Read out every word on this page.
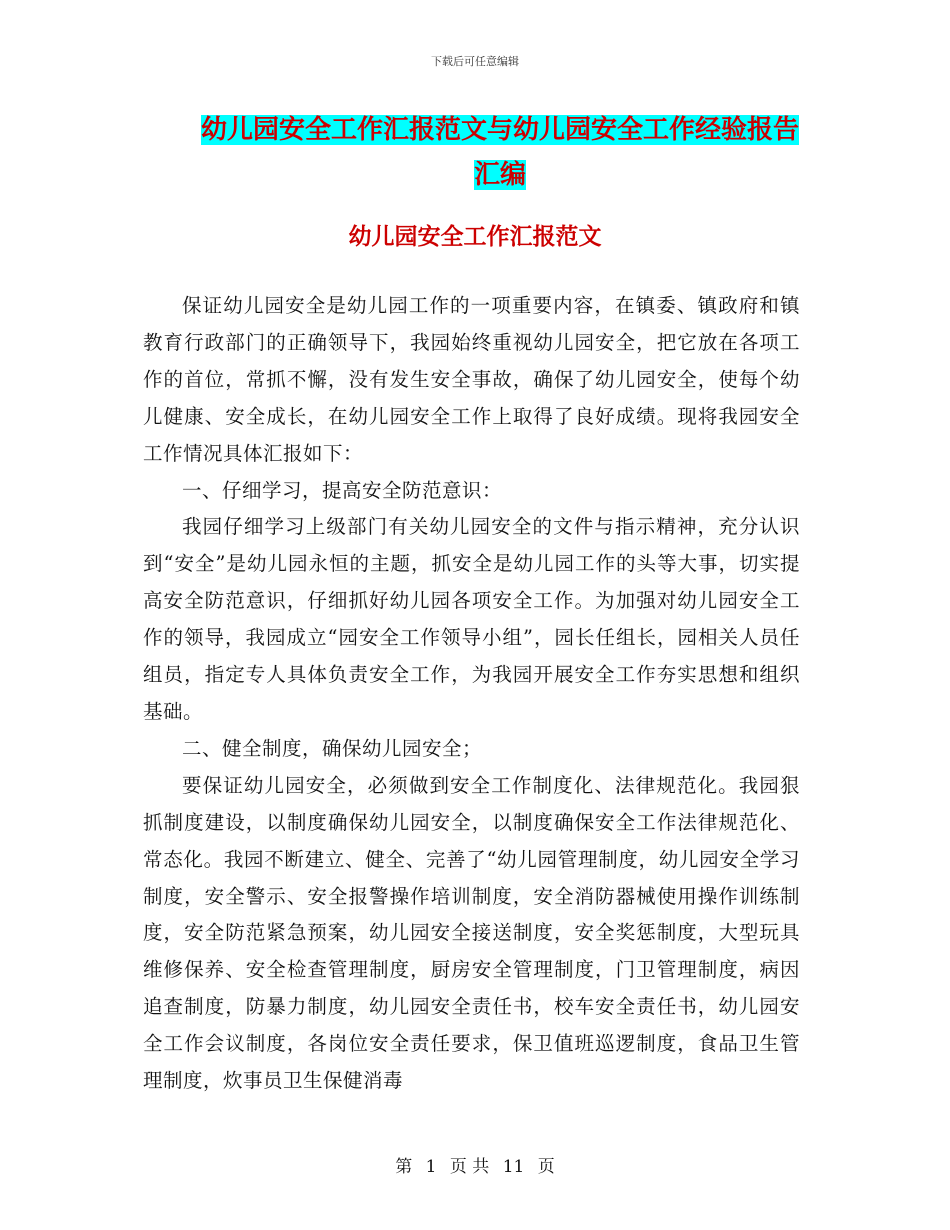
下载后可任意编辑
幼儿园安全工作汇报范文与幼儿园安全工作经验报告
汇编
幼儿园安全工作汇报范文

保证幼儿园安全是幼儿园工作的一项重要内容，在镇委、镇政府和镇教育行政部门的正确领导下，我园始终重视幼儿园安全，把它放在各项工作的首位，常抓不懈，没有发生安全事故，确保了幼儿园安全，使每个幼儿健康、安全成长，在幼儿园安全工作上取得了良好成绩。现将我园安全工作情况具体汇报如下：

一、仔细学习，提高安全防范意识：

我园仔细学习上级部门有关幼儿园安全的文件与指示精神，充分认识到“安全”是幼儿园永恒的主题，抓安全是幼儿园工作的头等大事，切实提高安全防范意识，仔细抓好幼儿园各项安全工作。为加强对幼儿园安全工作的领导，我园成立“园安全工作领导小组”，园长任组长，园相关人员任组员，指定专人具体负责安全工作，为我园开展安全工作夯实思想和组织基础。

二、健全制度，确保幼儿园安全；

要保证幼儿园安全，必须做到安全工作制度化、法律规范化。我园狠抓制度建设，以制度确保幼儿园安全，以制度确保安全工作法律规范化、常态化。我园不断建立、健全、完善了“幼儿园管理制度，幼儿园安全学习制度，安全警示、安全报警操作培训制度，安全消防器械使用操作训练制度，安全防范紧急预案，幼儿园安全接送制度，安全奖惩制度，大型玩具维修保养、安全检查管理制度，厨房安全管理制度，门卫管理制度，病因追查制度，防暴力制度，幼儿园安全责任书，校车安全责任书，幼儿园安全工作会议制度，各岗位安全责任要求，保卫值班巡逻制度，食品卫生管理制度，炊事员卫生保健消毒

第 1 页 共 11 页
